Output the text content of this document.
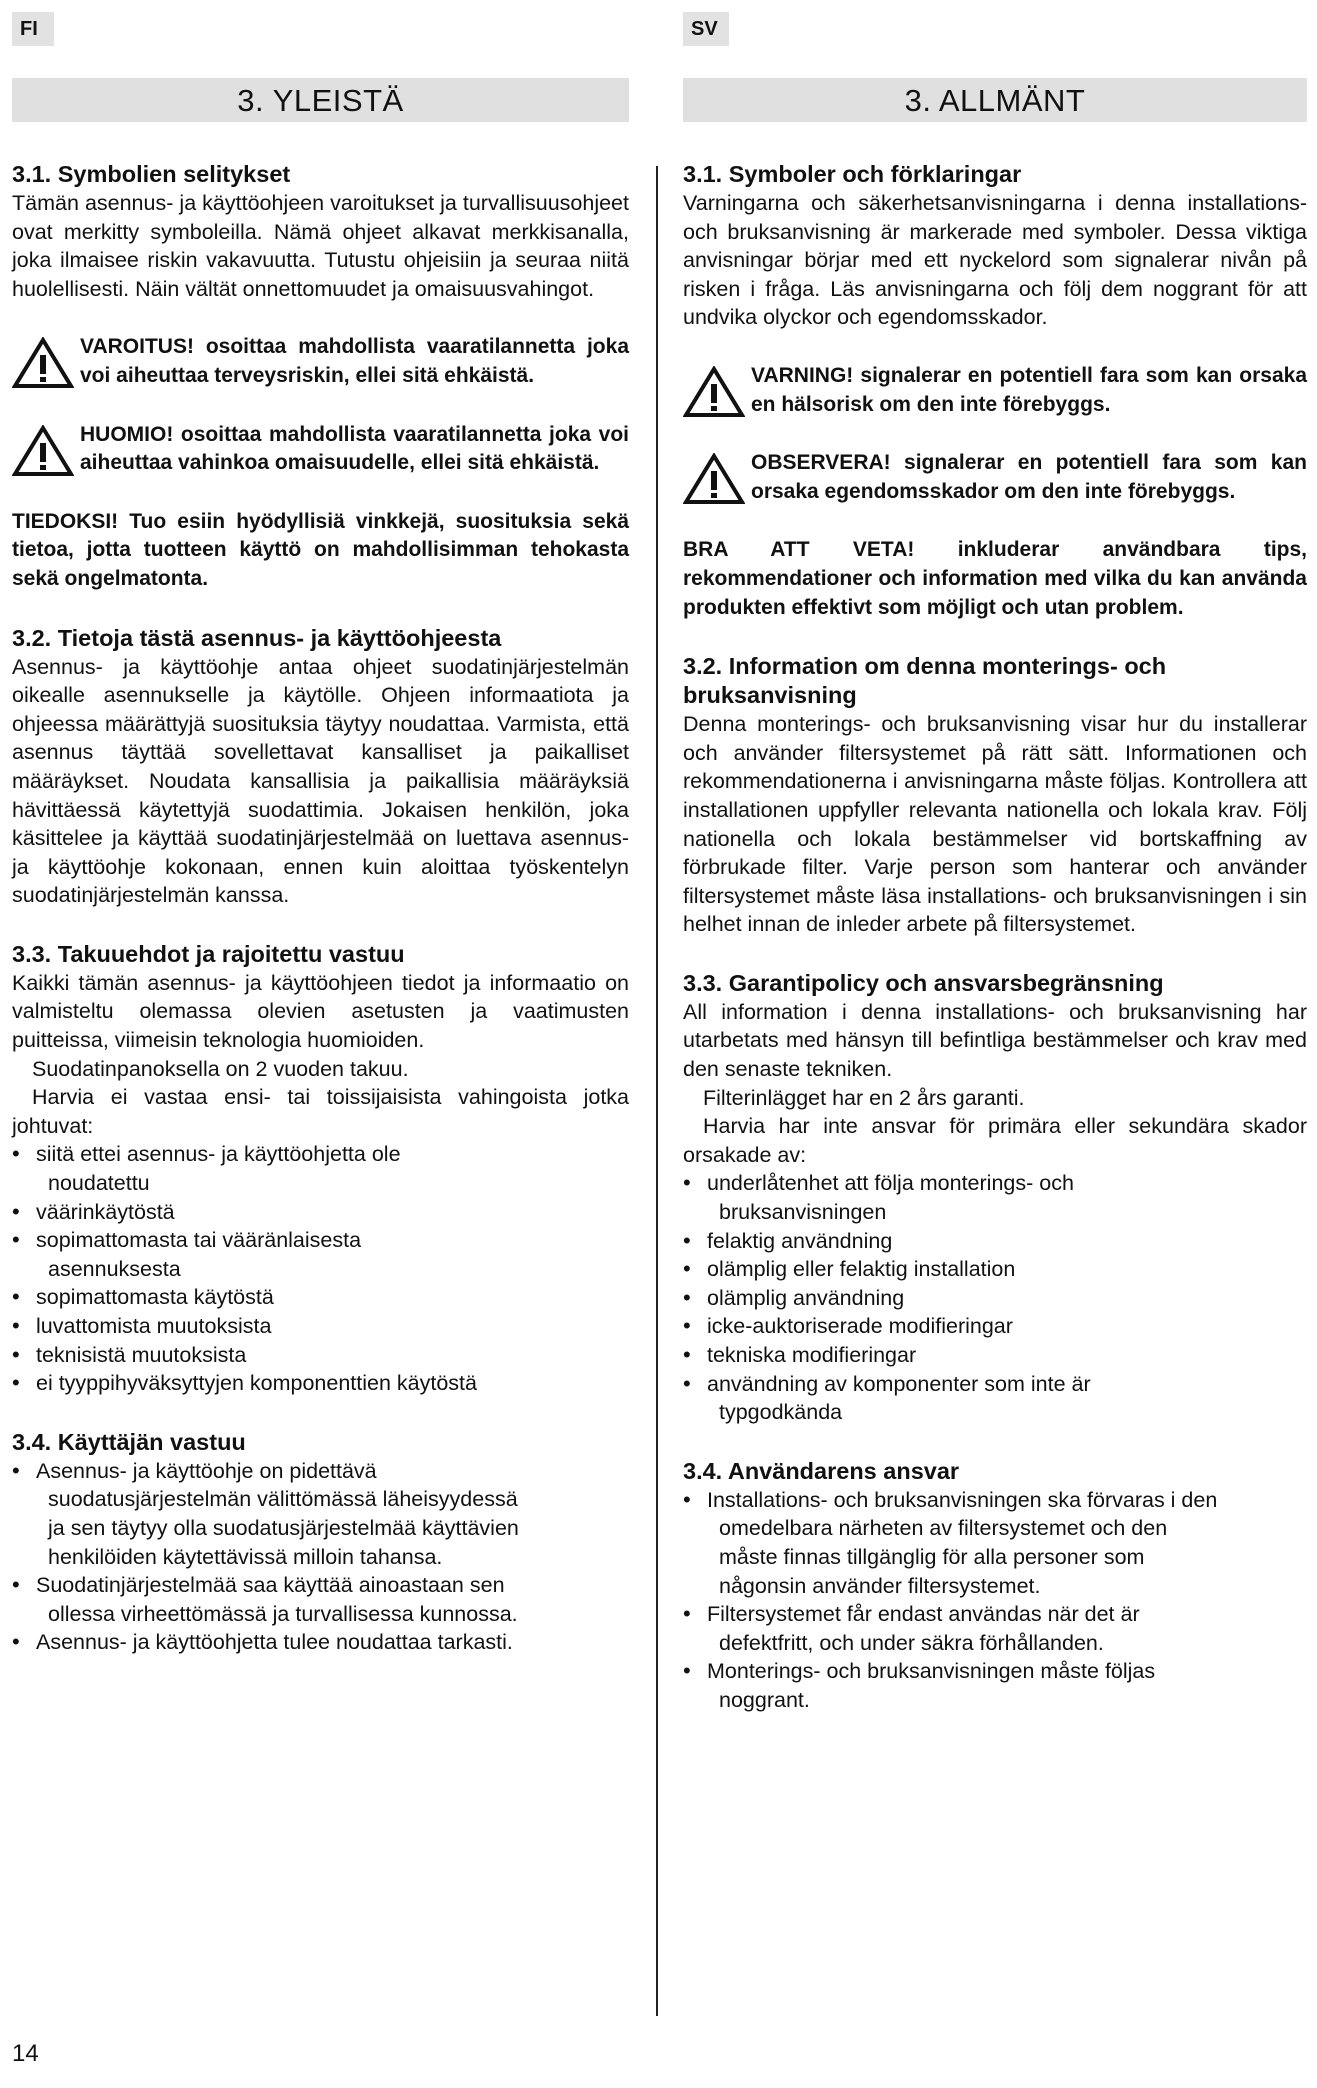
FI	SV
3. YLEISTÄ
3.1. Symbolien selitykset

Tämän asennus- ja käyttöohjeen varoitukset ja turvallisuusohjeet ovat merkitty symboleilla. Nämä ohjeet alkavat merkkisanalla, joka ilmaisee riskin vakavuutta. Tutustu ohjeisiin ja seuraa niitä huolellisesti. Näin vältät onnettomuudet ja omaisuusvahingot.

VAROITUS! osoittaa mahdollista vaaratilannetta joka voi aiheuttaa terveysriskin, ellei sitä ehkäistä.

HUOMIO! osoittaa mahdollista vaaratilannetta joka voi aiheuttaa vahinkoa omaisuudelle, ellei sitä ehkäistä.

TIEDOKSI! Tuo esiin hyödyllisiä vinkkejä, suosituksia sekä tietoa, jotta tuotteen käyttö on mahdollisimman tehokasta sekä ongelmatonta.

3.2. Tietoja tästä asennus- ja käyttöohjeesta

Asennus- ja käyttöohje antaa ohjeet suodatinjärjestelmän oikealle asennukselle ja käytölle. Ohjeen informaatiota ja ohjeessa määrättyjä suosituksia täytyy noudattaa. Varmista, että asennus täyttää sovellettavat kansalliset ja paikalliset määräykset. Noudata kansallisia ja paikallisia määräyksiä hävittäessä käytettyjä suodattimia. Jokaisen henkilön, joka käsittelee ja käyttää suodatinjärjestelmää on luettava asennus- ja käyttöohje kokonaan, ennen kuin aloittaa työskentelyn suodatinjärjestelmän kanssa.

3.3. Takuuehdot ja rajoitettu vastuu

Kaikki tämän asennus- ja käyttöohjeen tiedot ja informaatio on valmisteltu olemassa olevien asetusten ja vaatimusten puitteissa, viimeisin teknologia huomioiden.

Suodatinpanoksella on 2 vuoden takuu.

Harvia ei vastaa ensi- tai toissijaisista vahingoista jotka johtuvat:

• siitä ettei asennus- ja käyttöohjetta ole
noudatettu
• väärinkäytöstä
• sopimattomasta tai vääränlaisesta
asennuksesta
• sopimattomasta käytöstä
• luvattomista muutoksista
• teknisistä muutoksista
• ei tyyppihyväksyttyjen komponenttien käytöstä
3.4. Käyttäjän vastuu
• Asennus- ja käyttöohje on pidettävä suodatusjärjestelmän välittömässä läheisyydessä ja sen täytyy olla suodatusjärjestelmää käyttävien henkilöiden käytettävissä milloin tahansa.
• Suodatinjärjestelmää saa käyttää ainoastaan sen ollessa virheettömässä ja turvallisessa kunnossa.
• Asennus- ja käyttöohjetta tulee noudattaa tarkasti.
3. ALLMÄNT
3.1. Symboler och förklaringar

Varningarna och säkerhetsanvisningarna i denna installations- och bruksanvisning är markerade med symboler. Dessa viktiga anvisningar börjar med ett nyckelord som signalerar nivån på risken i fråga. Läs anvisningarna och följ dem noggrant för att undvika olyckor och egendomsskador.

VARNING! signalerar en potentiell fara som kan orsaka en hälsorisk om den inte förebyggs.

OBSERVERA! signalerar en potentiell fara som kan orsaka egendomsskador om den inte förebyggs.

BRA ATT VETA! inkluderar användbara tips, rekommendationer och information med vilka du kan använda produkten effektivt som möjligt och utan problem.

3.2. Information om denna monterings- och bruksanvisning

Denna monterings- och bruksanvisning visar hur du installerar och använder filtersystemet på rätt sätt. Informationen och rekommendationerna i anvisningarna måste följas. Kontrollera att installationen uppfyller relevanta nationella och lokala krav. Följ nationella och lokala bestämmelser vid bortskaffning av förbrukade filter. Varje person som hanterar och använder filtersystemet måste läsa installations- och bruksanvisningen i sin helhet innan de inleder arbete på filtersystemet.

3.3. Garantipolicy och ansvarsbegränsning

All information i denna installations- och bruksanvisning har utarbetats med hänsyn till befintliga bestämmelser och krav med den senaste tekniken.

Filterinlägget har en 2 års garanti.

Harvia har inte ansvar för primära eller sekundära skador orsakade av:

• underlåtenhet att följa monterings- och
bruksanvisningen
• felaktig användning
• olämplig eller felaktig installation
• olämplig användning
• icke-auktoriserade modifieringar
• tekniska modifieringar
• användning av komponenter som inte är
typgodkända
3.4. Användarens ansvar
• Installations- och bruksanvisningen ska förvaras i den omedelbara närheten av filtersystemet och den måste finnas tillgänglig för alla personer som någonsin använder filtersystemet.
• Filtersystemet får endast användas när det är defektfritt, och under säkra förhållanden.
• Monterings- och bruksanvisningen måste följas noggrant.
14
